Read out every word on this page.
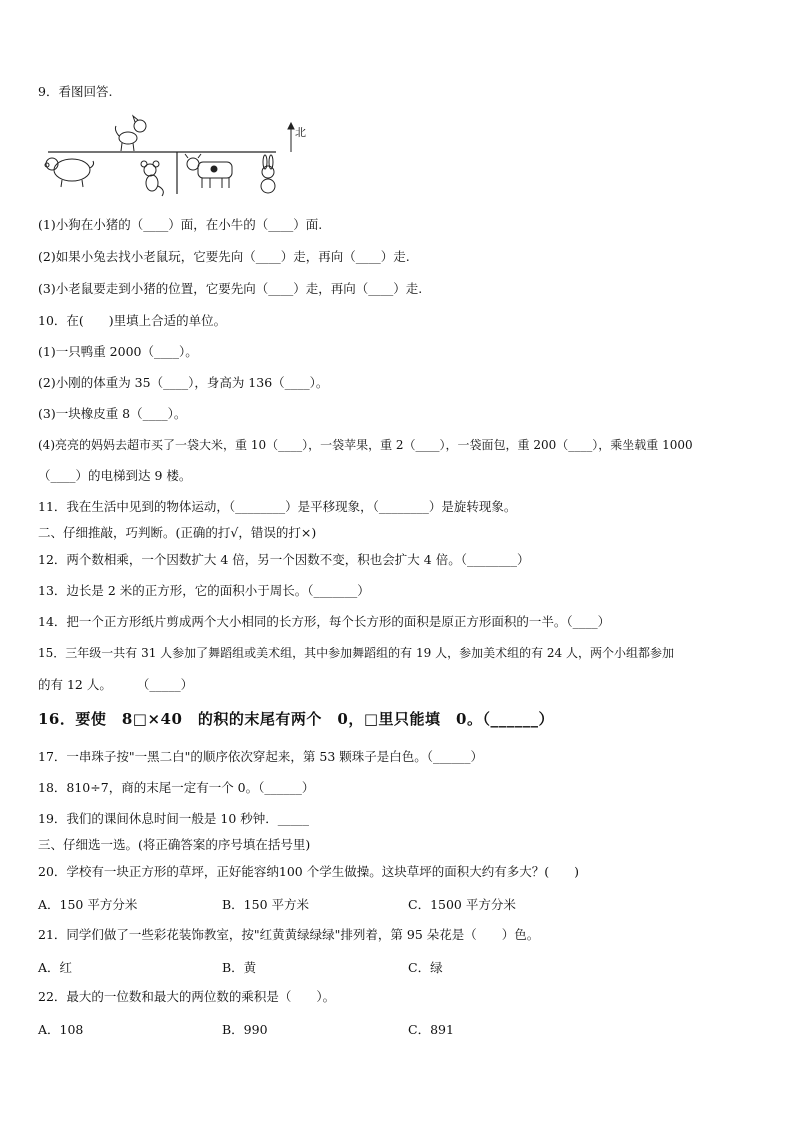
北
9．看图回答.
(1)小狗在小猪的（____）面，在小牛的（____）面.
(2)如果小兔去找小老鼠玩，它要先向（____）走，再向（____）走.
(3)小老鼠要走到小猪的位置，它要先向（____）走，再向（____）走.
10．在(　　)里填上合适的单位。
(1)一只鸭重 2000（____）。
(2)小刚的体重为 35（____），身高为 136（____）。
(3)一块橡皮重 8（____）。
(4)亮亮的妈妈去超市买了一袋大米，重 10（____），一袋苹果，重 2（____），一袋面包，重 200（____），乘坐载重 1000
（____）的电梯到达 9 楼。
11．我在生活中见到的物体运动，（________）是平移现象，（________）是旋转现象。
二、仔细推敲，巧判断。(正确的打√，错误的打×)
12．两个数相乘，一个因数扩大 4 倍，另一个因数不变，积也会扩大 4 倍。（________）
13．边长是 2 米的正方形，它的面积小于周长。（_______）
14．把一个正方形纸片剪成两个大小相同的长方形，每个长方形的面积是原正方形面积的一半。（____）
15．三年级一共有 31 人参加了舞蹈组或美术组，其中参加舞蹈组的有 19 人，参加美术组的有 24 人，两个小组都参加
的有 12 人。　　　（_____）
16．要使　8□×40　的积的末尾有两个　0，□里只能填　0。（______）
17．一串珠子按"一黑二白"的顺序依次穿起来，第 53 颗珠子是白色。（______）
18．810÷7，商的末尾一定有一个 0。（______）
19．我们的课间休息时间一般是 10 秒钟．_____
三、仔细选一选。(将正确答案的序号填在括号里)
20．学校有一块正方形的草坪，正好能容纳100 个学生做操。这块草坪的面积大约有多大？(　　)
A．150 平方分米	B．150 平方米	C．1500 平方分米
21．同学们做了一些彩花装饰教室，按"红黄黄绿绿绿"排列着，第 95 朵花是（　　）色。
A．红	B．黄	C．绿
22．最大的一位数和最大的两位数的乘积是（　　）。
A．108	B．990	C．891
